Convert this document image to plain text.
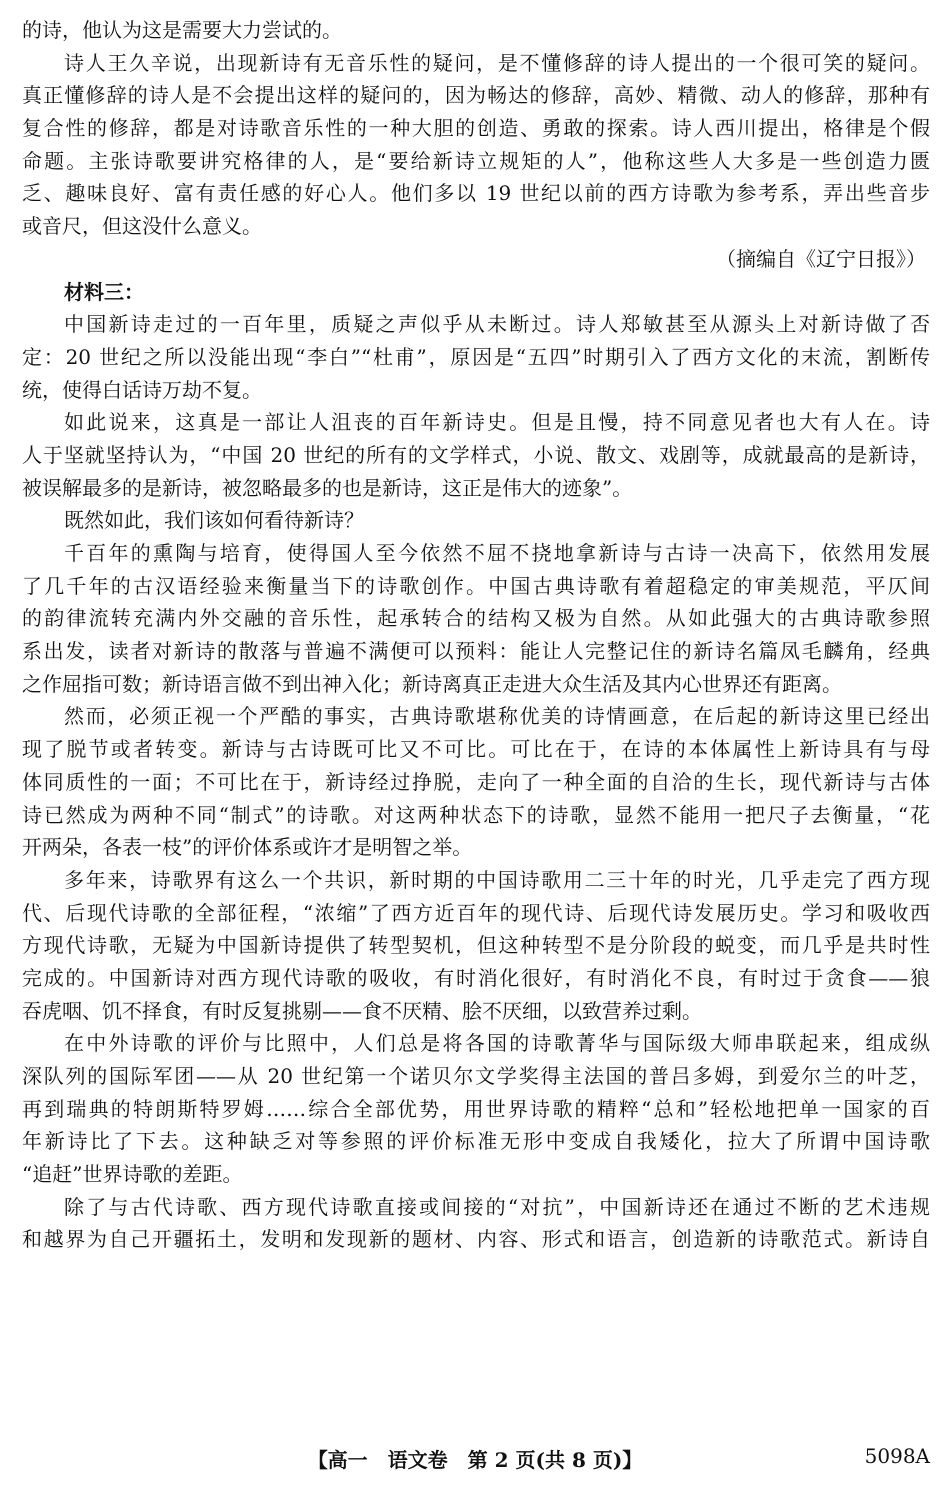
的诗，他认为这是需要大力尝试的。
诗人王久辛说，出现新诗有无音乐性的疑问，是不懂修辞的诗人提出的一个很可笑的疑问。
真正懂修辞的诗人是不会提出这样的疑问的，因为畅达的修辞，高妙、精微、动人的修辞，那种有
复合性的修辞，都是对诗歌音乐性的一种大胆的创造、勇敢的探索。诗人西川提出，格律是个假
命题。主张诗歌要讲究格律的人，是“要给新诗立规矩的人”，他称这些人大多是一些创造力匮
乏、趣味良好、富有责任感的好心人。他们多以 19 世纪以前的西方诗歌为参考系，弄出些音步
或音尺，但这没什么意义。
（摘编自《辽宁日报》）
材料三：
中国新诗走过的一百年里，质疑之声似乎从未断过。诗人郑敏甚至从源头上对新诗做了否
定：20 世纪之所以没能出现“李白”“杜甫”，原因是“五四”时期引入了西方文化的末流，割断传
统，使得白话诗万劫不复。
如此说来，这真是一部让人沮丧的百年新诗史。但是且慢，持不同意见者也大有人在。诗
人于坚就坚持认为，“中国 20 世纪的所有的文学样式，小说、散文、戏剧等，成就最高的是新诗，
被误解最多的是新诗，被忽略最多的也是新诗，这正是伟大的迹象”。
既然如此，我们该如何看待新诗？
千百年的熏陶与培育，使得国人至今依然不屈不挠地拿新诗与古诗一决高下，依然用发展
了几千年的古汉语经验来衡量当下的诗歌创作。中国古典诗歌有着超稳定的审美规范，平仄间
的韵律流转充满内外交融的音乐性，起承转合的结构又极为自然。从如此强大的古典诗歌参照
系出发，读者对新诗的散落与普遍不满便可以预料：能让人完整记住的新诗名篇凤毛麟角，经典
之作屈指可数；新诗语言做不到出神入化；新诗离真正走进大众生活及其内心世界还有距离。
然而，必须正视一个严酷的事实，古典诗歌堪称优美的诗情画意，在后起的新诗这里已经出
现了脱节或者转变。新诗与古诗既可比又不可比。可比在于，在诗的本体属性上新诗具有与母
体同质性的一面；不可比在于，新诗经过挣脱，走向了一种全面的自洽的生长，现代新诗与古体
诗已然成为两种不同“制式”的诗歌。对这两种状态下的诗歌，显然不能用一把尺子去衡量，“花
开两朵，各表一枝”的评价体系或许才是明智之举。
多年来，诗歌界有这么一个共识，新时期的中国诗歌用二三十年的时光，几乎走完了西方现
代、后现代诗歌的全部征程，“浓缩”了西方近百年的现代诗、后现代诗发展历史。学习和吸收西
方现代诗歌，无疑为中国新诗提供了转型契机，但这种转型不是分阶段的蜕变，而几乎是共时性
完成的。中国新诗对西方现代诗歌的吸收，有时消化很好，有时消化不良，有时过于贪食——狼
吞虎咽、饥不择食，有时反复挑剔——食不厌精、脍不厌细，以致营养过剩。
在中外诗歌的评价与比照中，人们总是将各国的诗歌菁华与国际级大师串联起来，组成纵
深队列的国际军团——从 20 世纪第一个诺贝尔文学奖得主法国的普吕多姆，到爱尔兰的叶芝，
再到瑞典的特朗斯特罗姆……综合全部优势，用世界诗歌的精粹“总和”轻松地把单一国家的百
年新诗比了下去。这种缺乏对等参照的评价标准无形中变成自我矮化，拉大了所谓中国诗歌
“追赶”世界诗歌的差距。
除了与古代诗歌、西方现代诗歌直接或间接的“对抗”，中国新诗还在通过不断的艺术违规
和越界为自己开疆拓土，发明和发现新的题材、内容、形式和语言，创造新的诗歌范式。新诗自
【高一　语文卷　第 2 页(共 8 页)】	5098A
